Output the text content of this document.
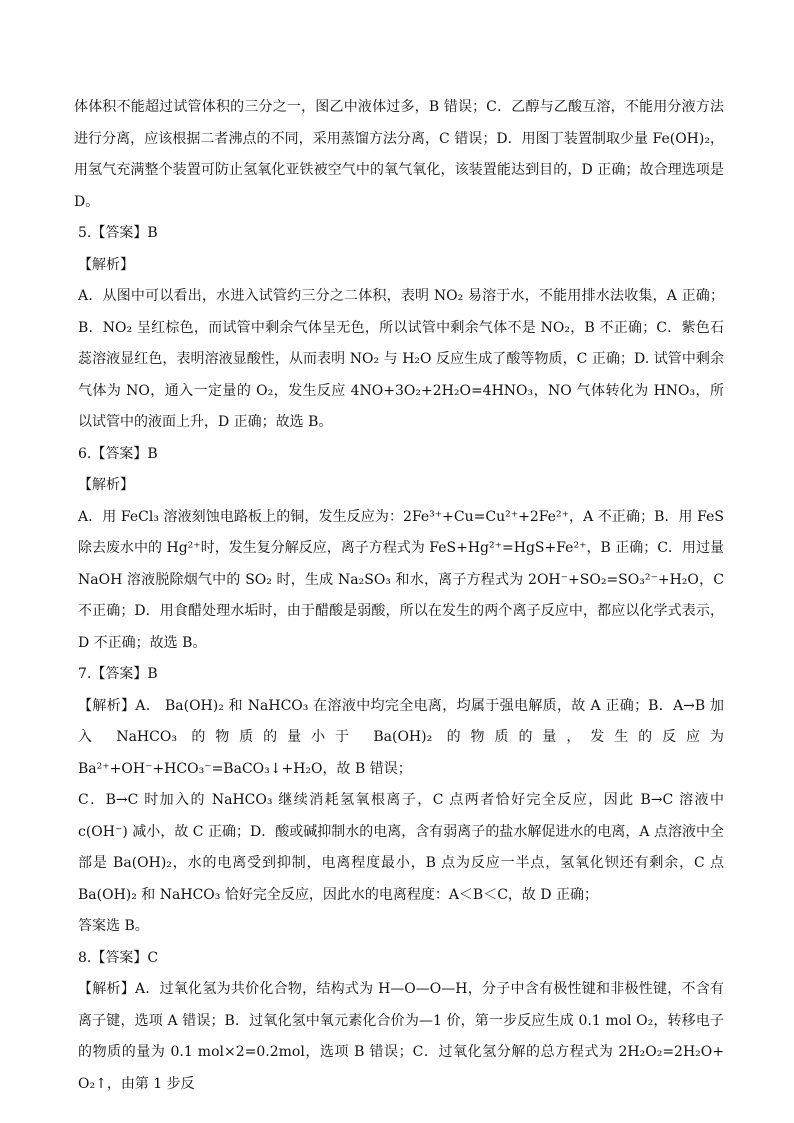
体体积不能超过试管体积的三分之一，图乙中液体过多，B 错误；C．乙醇与乙酸互溶，不能用分液方法进行分离，应该根据二者沸点的不同，采用蒸馏方法分离，C 错误；D．用图丁装置制取少量 Fe(OH)₂，用氢气充满整个装置可防止氢氧化亚铁被空气中的氧气氧化，该装置能达到目的，D 正确；故合理选项是 D。

5.【答案】B

【解析】

A．从图中可以看出，水进入试管约三分之二体积，表明 NO₂ 易溶于水，不能用排水法收集，A 正确；B．NO₂ 呈红棕色，而试管中剩余气体呈无色，所以试管中剩余气体不是 NO₂，B 不正确；C．紫色石蕊溶液显红色，表明溶液显酸性，从而表明 NO₂ 与 H₂O 反应生成了酸等物质，C 正确；D. 试管中剩余气体为 NO，通入一定量的 O₂，发生反应 4NO+3O₂+2H₂O=4HNO₃，NO 气体转化为 HNO₃，所以试管中的液面上升，D 正确；故选 B。

6.【答案】B

【解析】

A．用 FeCl₃ 溶液刻蚀电路板上的铜，发生反应为：2Fe³⁺+Cu=Cu²⁺+2Fe²⁺，A 不正确；B．用 FeS 除去废水中的 Hg²⁺时，发生复分解反应，离子方程式为 FeS+Hg²⁺=HgS+Fe²⁺，B 正确；C．用过量 NaOH 溶液脱除烟气中的 SO₂ 时，生成 Na₂SO₃ 和水，离子方程式为 2OH⁻+SO₂=SO₃²⁻+H₂O，C 不正确；D．用食醋处理水垢时，由于醋酸是弱酸，所以在发生的两个离子反应中，都应以化学式表示，D 不正确；故选 B。

7.【答案】B

【解析】A． Ba(OH)₂ 和 NaHCO₃ 在溶液中均完全电离，均属于强电解质，故 A 正确；B．A→B 加入 NaHCO₃ 的物质的量小于 Ba(OH)₂ 的物质的量，发生的反应为 Ba²⁺+OH⁻+HCO₃⁻=BaCO₃↓+H₂O，故 B 错误；

C．B→C 时加入的 NaHCO₃ 继续消耗氢氧根离子，C 点两者恰好完全反应，因此 B→C 溶液中 c(OH⁻) 减小，故 C 正确；D．酸或碱抑制水的电离，含有弱离子的盐水解促进水的电离，A 点溶液中全部是 Ba(OH)₂，水的电离受到抑制，电离程度最小，B 点为反应一半点，氢氧化钡还有剩余，C 点 Ba(OH)₂ 和 NaHCO₃ 恰好完全反应，因此水的电离程度：A＜B＜C，故 D 正确；

答案选 B。

8.【答案】C

【解析】A．过氧化氢为共价化合物，结构式为 H—O—O—H，分子中含有极性键和非极性键，不含有离子键，选项 A 错误；B．过氧化氢中氧元素化合价为—1 价，第一步反应生成 0.1 mol O₂，转移电子的物质的量为 0.1 mol×2=0.2mol，选项 B 错误；C．过氧化氢分解的总方程式为 2H₂O₂=2H₂O+ O₂↑，由第 1 步反
